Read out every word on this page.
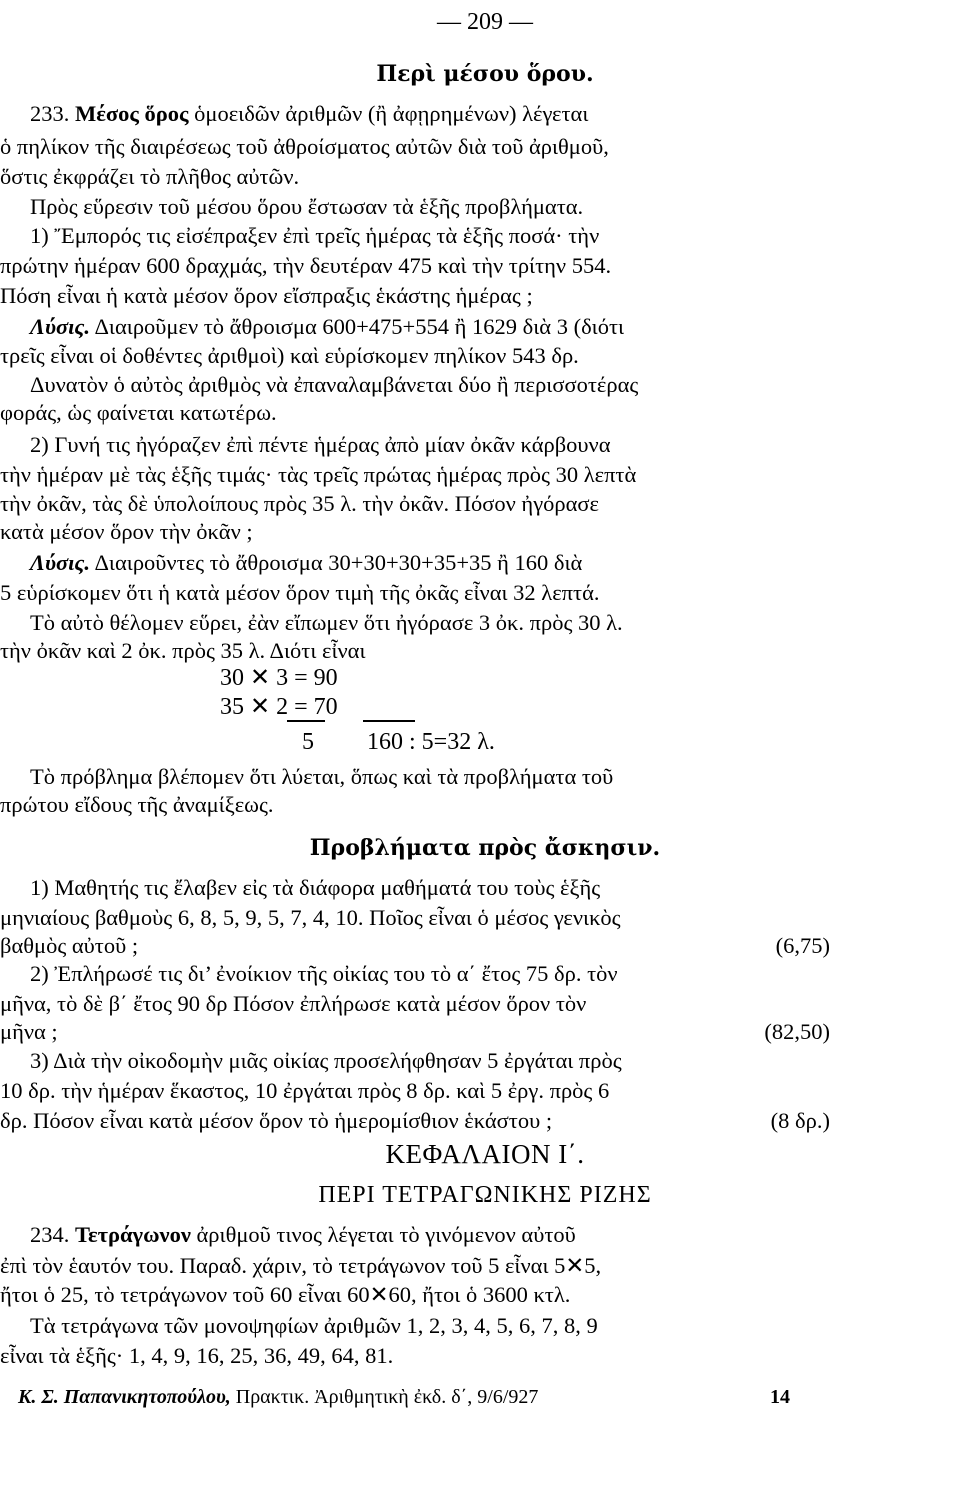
— 209 —
Περὶ μέσου ὅρου.
233. Μέσος ὅρος ὁμοειδῶν ἀριθμῶν (ἢ ἀφῃρημένων) λέγεται
ὁ πηλίκον τῆς διαιρέσεως τοῦ ἀθροίσματος αὐτῶν διὰ τοῦ ἀριθμοῦ,
ὅστις ἐκφράζει τὸ πλῆθος αὐτῶν.
Πρὸς εὕρεσιν τοῦ μέσου ὅρου ἔστωσαν τὰ ἑξῆς προβλήματα.
1) Ἔμπορός τις εἰσέπραξεν ἐπὶ τρεῖς ἡμέρας τὰ ἑξῆς ποσά· τὴν
πρώτην ἡμέραν 600 δραχμάς, τὴν δευτέραν 475 καὶ τὴν τρίτην 554.
Πόση εἶναι ἡ κατὰ μέσον ὅρον εἴσπραξις ἑκάστης ἡμέρας ;
Λύσις. Διαιροῦμεν τὸ ἄθροισμα 600+475+554 ἢ 1629 διὰ 3 (διότι
τρεῖς εἶναι οἱ δοθέντες ἀριθμοὶ) καὶ εὑρίσκομεν πηλίκον 543 δρ.
Δυνατὸν ὁ αὐτὸς ἀριθμὸς νὰ ἐπαναλαμβάνεται δύο ἢ περισσοτέρας
φοράς, ὡς φαίνεται κατωτέρω.
2) Γυνή τις ἠγόραζεν ἐπὶ πέντε ἡμέρας ἀπὸ μίαν ὀκᾶν κάρβουνα
τὴν ἡμέραν μὲ τὰς ἑξῆς τιμάς· τὰς τρεῖς πρώτας ἡμέρας πρὸς 30 λεπτὰ
τὴν ὀκᾶν, τὰς δὲ ὑπολοίπους πρὸς 35 λ. τὴν ὀκᾶν. Πόσον ἠγόρασε
κατὰ μέσον ὅρον τὴν ὀκᾶν ;
Λύσις. Διαιροῦντες τὸ ἄθροισμα 30+30+30+35+35 ἢ 160 διὰ
5 εὑρίσκομεν ὅτι ἡ κατὰ μέσον ὅρον τιμὴ τῆς ὀκᾶς εἶναι 32 λεπτά.
Τὸ αὐτὸ θέλομεν εὕρει, ἐὰν εἴπωμεν ὅτι ἠγόρασε 3 ὀκ. πρὸς 30 λ.
τὴν ὀκᾶν καὶ 2 ὀκ. πρὸς 35 λ. Διότι εἶναι
30 ✕ 3 = 90
35 ✕ 2 = 70
5 160 : 5=32 λ.
Τὸ πρόβλημα βλέπομεν ὅτι λύεται, ὅπως καὶ τὰ προβλήματα τοῦ
πρώτου εἴδους τῆς ἀναμίξεως.
Προβλήματα πρὸς ἄσκησιν.
1) Μαθητής τις ἔλαβεν εἰς τὰ διάφορα μαθήματά του τοὺς ἑξῆς
μηνιαίους βαθμοὺς 6, 8, 5, 9, 5, 7, 4, 10. Ποῖος εἶναι ὁ μέσος γενικὸς
βαθμὸς αὐτοῦ ;	(6,75)
2) Ἐπλήρωσέ τις δι’ ἐνοίκιον τῆς οἰκίας του τὸ α΄ ἔτος 75 δρ. τὸν
μῆνα, τὸ δὲ β΄ ἔτος 90 δρ Πόσον ἐπλήρωσε κατὰ μέσον ὅρον τὸν
μῆνα ;	(82,50)
3) Διὰ τὴν οἰκοδομὴν μιᾶς οἰκίας προσελήφθησαν 5 ἐργάται πρὸς
10 δρ. τὴν ἡμέραν ἕκαστος, 10 ἐργάται πρὸς 8 δρ. καὶ 5 ἐργ. πρὸς 6
δρ. Πόσον εἶναι κατὰ μέσον ὅρον τὸ ἡμερομίσθιον ἑκάστου ;	(8 δρ.)
ΚΕΦΑΛΑΙΟΝ Ι΄.
ΠΕΡΙ ΤΕΤΡΑΓΩΝΙΚΗΣ ΡΙΖΗΣ
234. Τετράγωνον ἀριθμοῦ τινος λέγεται τὸ γινόμενον αὐτοῦ
ἐπὶ τὸν ἑαυτόν του. Παραδ. χάριν, τὸ τετράγωνον τοῦ 5 εἶναι 5✕5,
ἤτοι ὁ 25, τὸ τετράγωνον τοῦ 60 εἶναι 60✕60, ἤτοι ὁ 3600 κτλ.
Τὰ τετράγωνα τῶν μονοψηφίων ἀριθμῶν 1, 2, 3, 4, 5, 6, 7, 8, 9
εἶναι τὰ ἑξῆς· 1, 4, 9, 16, 25, 36, 49, 64, 81.
Κ. Σ. Παπανικητοπούλου, Πρακτικ. Ἀριθμητικὴ ἐκδ. δ΄, 9/6/927	14
